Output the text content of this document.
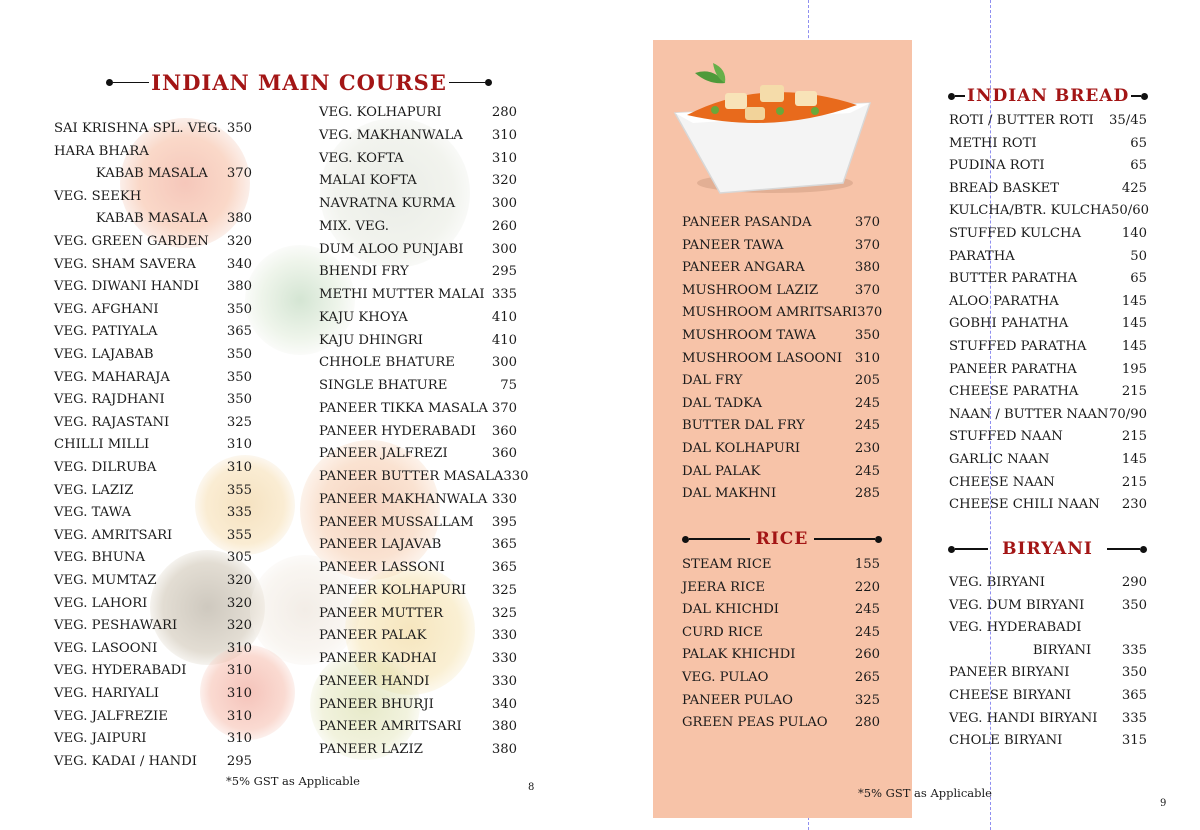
INDIAN MAIN COURSE
SAI KRISHNA SPL. VEG. 350
HARA BHARA
KABAB MASALA 370
VEG. SEEKH
KABAB MASALA 380
VEG. GREEN GARDEN 320
VEG. SHAM SAVERA 340
VEG. DIWANI HANDI 380
VEG. AFGHANI	350
VEG. PATIYALA	365
VEG. LAJABAB	350
VEG. MAHARAJA	350
VEG. RAJDHANI	350
VEG. RAJASTANI	325
CHILLI MILLI	310
VEG. DILRUBA	310
VEG. LAZIZ	355
VEG. TAWA	335
VEG. AMRITSARI	355
VEG. BHUNA	305
VEG. MUMTAZ	320
VEG. LAHORI	320
VEG. PESHAWARI	320
VEG. LASOONI	310
VEG. HYDERABADI	310
VEG. HARIYALI	310
VEG. JALFREZIE	310
VEG. JAIPURI	310
VEG. KADAI / HANDI 295
VEG. KOLHAPURI	280
VEG. MAKHANWALA 310
VEG. KOFTA	310
MALAI KOFTA	320
NAVRATNA KURMA	300
MIX. VEG.	260
DUM ALOO PUNJABI 300
BHENDI FRY	295
METHI MUTTER MALAI 335
KAJU KHOYA	410
KAJU DHINGRI	410
CHHOLE BHATURE	300
SINGLE BHATURE	75
PANEER TIKKA MASALA 370
PANEER HYDERABADI 360
PANEER JALFREZI	360
PANEER BUTTER MASALA 330
PANEER MAKHANWALA 330
PANEER MUSSALLAM 395
PANEER LAJAVAB	365
PANEER LASSONI	365
PANEER KOLHAPURI 325
PANEER MUTTER	325
PANEER PALAK	330
PANEER KADHAI	330
PANEER HANDI	330
PANEER BHURJI	340
PANEER AMRITSARI 380
PANEER LAZIZ	380
*5% GST as Applicable	8
PANEER PASANDA	370
PANEER TAWA	370
PANEER ANGARA	380
MUSHROOM LAZIZ	370
MUSHROOM AMRITSARI 370
MUSHROOM TAWA	350
MUSHROOM LASOONI 310
DAL FRY	205
DAL TADKA	245
BUTTER DAL FRY	245
DAL KOLHAPURI	230
DAL PALAK	245
DAL MAKHNI	285
RICE
STEAM RICE	155
JEERA RICE	220
DAL KHICHDI	245
CURD RICE	245
PALAK KHICHDI	260
VEG. PULAO	265
PANEER PULAO	325
GREEN PEAS PULAO 280
*5% GST as Applicable
INDIAN BREAD
ROTI / BUTTER ROTI 35/45
METHI ROTI	65
PUDINA ROTI	65
BREAD BASKET	425
KULCHA/BTR. KULCHA 50/60
STUFFED KULCHA	140
PARATHA	50
BUTTER PARATHA	65
ALOO PARATHA	145
GOBHI PAHATHA	145
STUFFED PARATHA	145
PANEER PARATHA	195
CHEESE PARATHA	215
NAAN / BUTTER NAAN 70/90
STUFFED NAAN	215
GARLIC NAAN	145
CHEESE NAAN	215
CHEESE CHILI NAAN 230
BIRYANI
VEG. BIRYANI	290
VEG. DUM BIRYANI	350
VEG. HYDERABADI
BIRYANI 335
PANEER BIRYANI	350
CHEESE BIRYANI	365
VEG. HANDI BIRYANI 335
CHOLE BIRYANI	315
9
